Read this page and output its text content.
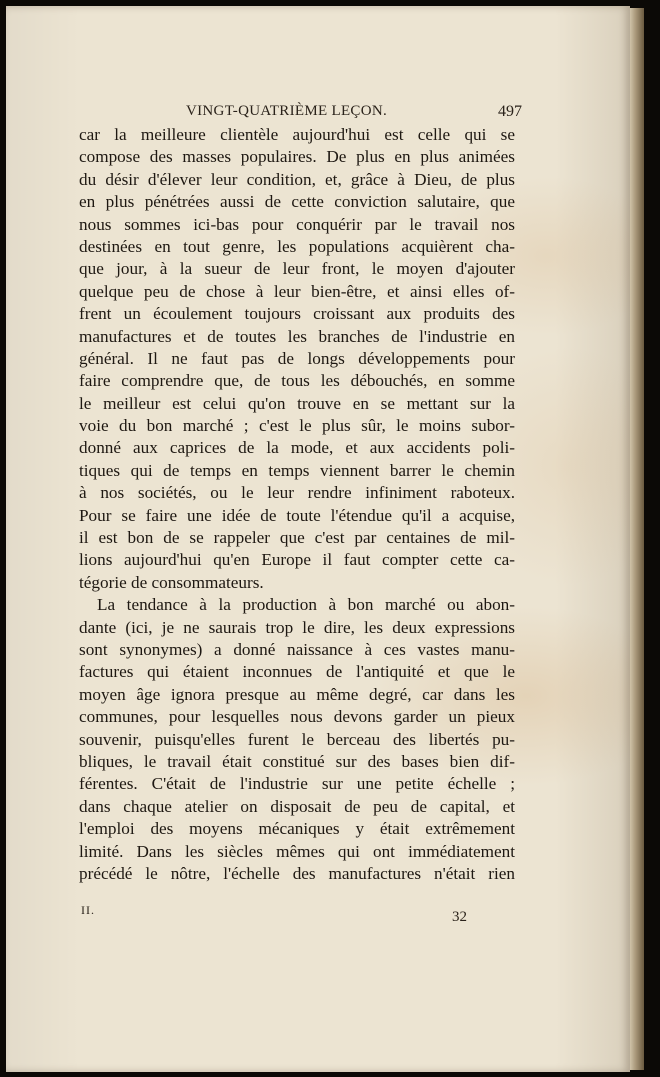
VINGT-QUATRIÈME LEÇON.	497
car la meilleure clientèle aujourd'hui est celle qui se
compose des masses populaires. De plus en plus animées
du désir d'élever leur condition, et, grâce à Dieu, de plus
en plus pénétrées aussi de cette conviction salutaire, que
nous sommes ici-bas pour conquérir par le travail nos
destinées en tout genre, les populations acquièrent cha-
que jour, à la sueur de leur front, le moyen d'ajouter
quelque peu de chose à leur bien-être, et ainsi elles of-
frent un écoulement toujours croissant aux produits des
manufactures et de toutes les branches de l'industrie en
général. Il ne faut pas de longs développements pour
faire comprendre que, de tous les débouchés, en somme
le meilleur est celui qu'on trouve en se mettant sur la
voie du bon marché ; c'est le plus sûr, le moins subor-
donné aux caprices de la mode, et aux accidents poli-
tiques qui de temps en temps viennent barrer le chemin
à nos sociétés, ou le leur rendre infiniment raboteux.
Pour se faire une idée de toute l'étendue qu'il a acquise,
il est bon de se rappeler que c'est par centaines de mil-
lions aujourd'hui qu'en Europe il faut compter cette ca-
tégorie de consommateurs.
La tendance à la production à bon marché ou abon-
dante (ici, je ne saurais trop le dire, les deux expressions
sont synonymes) a donné naissance à ces vastes manu-
factures qui étaient inconnues de l'antiquité et que le
moyen âge ignora presque au même degré, car dans les
communes, pour lesquelles nous devons garder un pieux
souvenir, puisqu'elles furent le berceau des libertés pu-
bliques, le travail était constitué sur des bases bien dif-
férentes. C'était de l'industrie sur une petite échelle ;
dans chaque atelier on disposait de peu de capital, et
l'emploi des moyens mécaniques y était extrêmement
limité. Dans les siècles mêmes qui ont immédiatement
précédé le nôtre, l'échelle des manufactures n'était rien
II.	32
